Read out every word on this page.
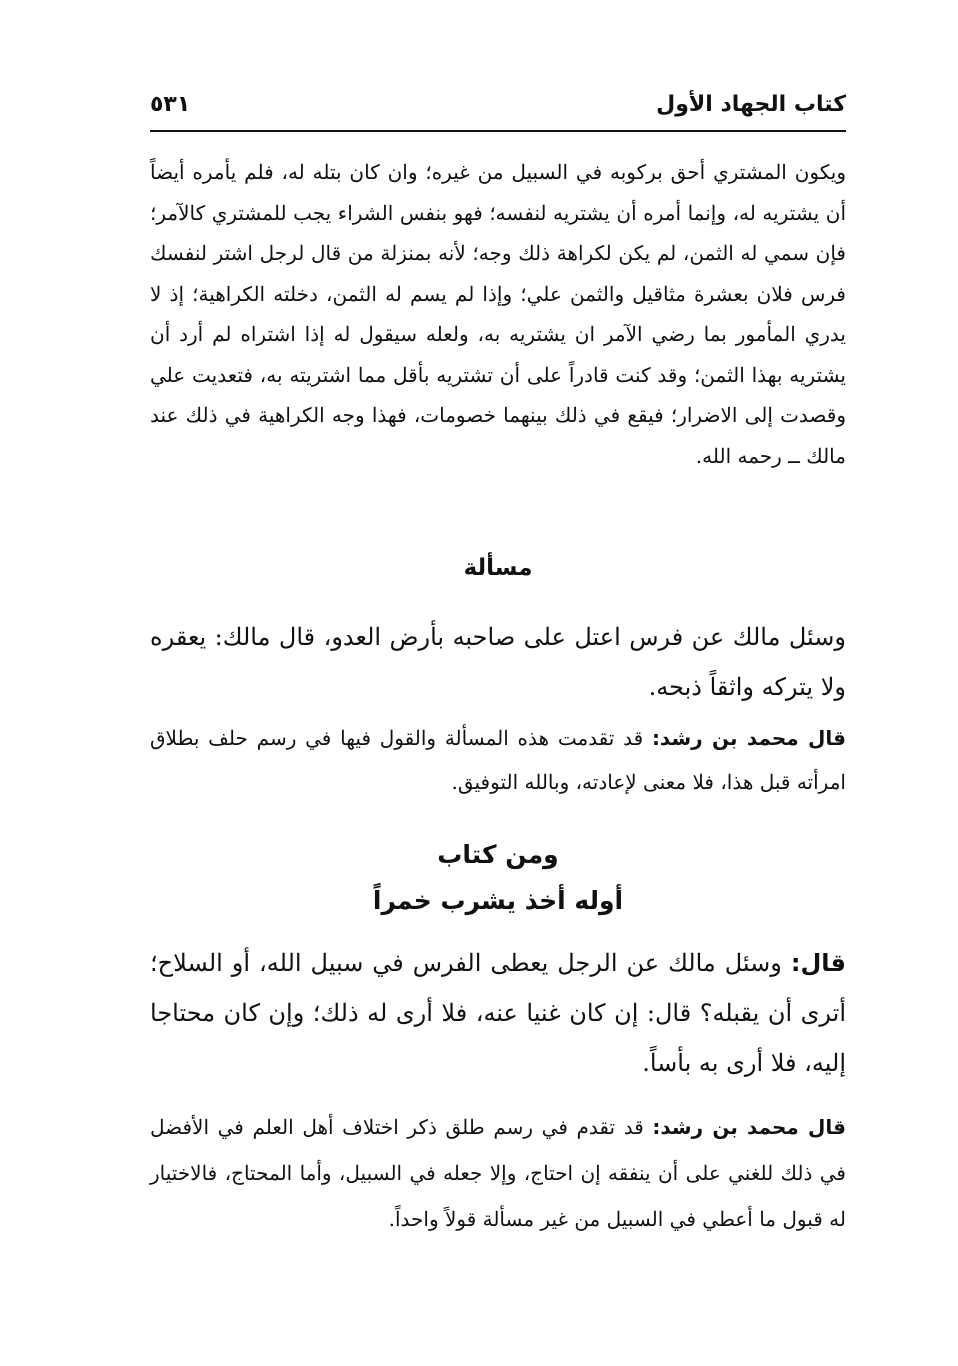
كتاب الجهاد الأول
٥٣١
ويكون المشتري أحق بركوبه في السبيل من غيره؛ وان كان بتله له، فلم يأمره أيضاً أن يشتريه له، وإنما أمره أن يشتريه لنفسه؛ فهو بنفس الشراء يجب للمشتري كالآمر؛ فإن سمي له الثمن، لم يكن لكراهة ذلك وجه؛ لأنه بمنزلة من قال لرجل اشتر لنفسك فرس فلان بعشرة مثاقيل والثمن علي؛ وإذا لم يسم له الثمن، دخلته الكراهية؛ إذ لا يدري المأمور بما رضي الآمر ان يشتريه به، ولعله سيقول له إذا اشتراه لم أرد أن يشتريه بهذا الثمن؛ وقد كنت قادراً على أن تشتريه بأقل مما اشتريته به، فتعديت علي وقصدت إلى الاضرار؛ فيقع في ذلك بينهما خصومات، فهذا وجه الكراهية في ذلك عند مالك ــ رحمه الله.
مسألة
وسئل مالك عن فرس اعتل على صاحبه بأرض العدو، قال مالك: يعقره ولا يتركه واثقاً ذبحه.
قال محمد بن رشد: قد تقدمت هذه المسألة والقول فيها في رسم حلف بطلاق امرأته قبل هذا، فلا معنى لإعادته، وبالله التوفيق.
ومن كتاب
أوله أخذ يشرب خمراً
قال: وسئل مالك عن الرجل يعطى الفرس في سبيل الله، أو السلاح؛ أترى أن يقبله؟ قال: إن كان غنيا عنه، فلا أرى له ذلك؛ وإن كان محتاجا إليه، فلا أرى به بأساً.
قال محمد بن رشد: قد تقدم في رسم طلق ذكر اختلاف أهل العلم في الأفضل في ذلك للغني على أن ينفقه إن احتاج، وإلا جعله في السبيل، وأما المحتاج، فالاختيار له قبول ما أعطي في السبيل من غير مسألة قولاً واحداً.
